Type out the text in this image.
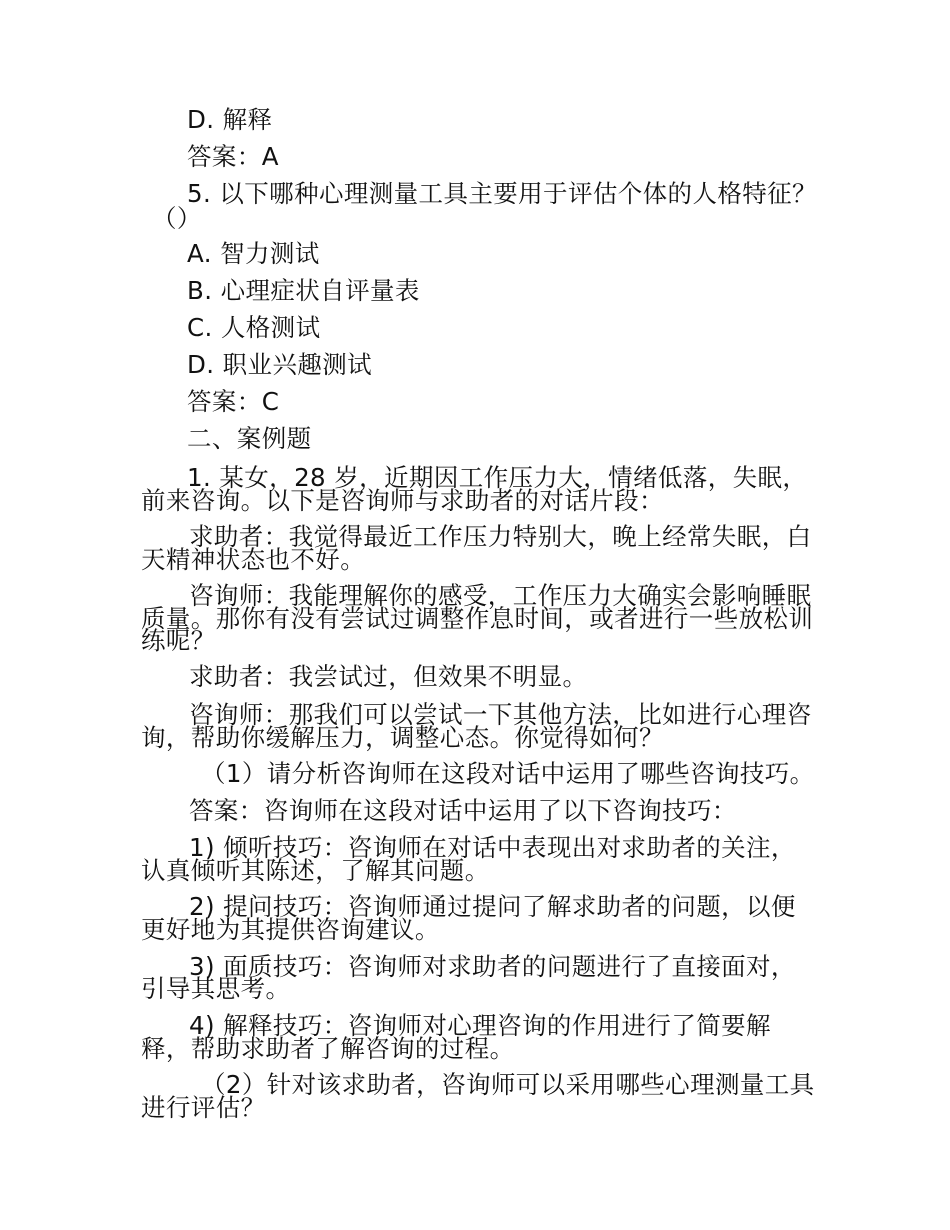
D. 解释
答案：A
5. 以下哪种心理测量工具主要用于评估个体的人格特征？
（）
A. 智力测试
B. 心理症状自评量表
C. 人格测试
D. 职业兴趣测试
答案：C
二、案例题
1. 某女，28 岁，近期因工作压力大，情绪低落，失眠，
前来咨询。以下是咨询师与求助者的对话片段：
求助者：我觉得最近工作压力特别大，晚上经常失眠，白
天精神状态也不好。
咨询师：我能理解你的感受，工作压力大确实会影响睡眠
质量。那你有没有尝试过调整作息时间，或者进行一些放松训
练呢？
求助者：我尝试过，但效果不明显。
咨询师：那我们可以尝试一下其他方法，比如进行心理咨
询，帮助你缓解压力，调整心态。你觉得如何？
（1）请分析咨询师在这段对话中运用了哪些咨询技巧。
答案：咨询师在这段对话中运用了以下咨询技巧：
1) 倾听技巧：咨询师在对话中表现出对求助者的关注，
认真倾听其陈述，了解其问题。
2) 提问技巧：咨询师通过提问了解求助者的问题，以便
更好地为其提供咨询建议。
3) 面质技巧：咨询师对求助者的问题进行了直接面对，
引导其思考。
4) 解释技巧：咨询师对心理咨询的作用进行了简要解
释，帮助求助者了解咨询的过程。
（2）针对该求助者，咨询师可以采用哪些心理测量工具
进行评估？
